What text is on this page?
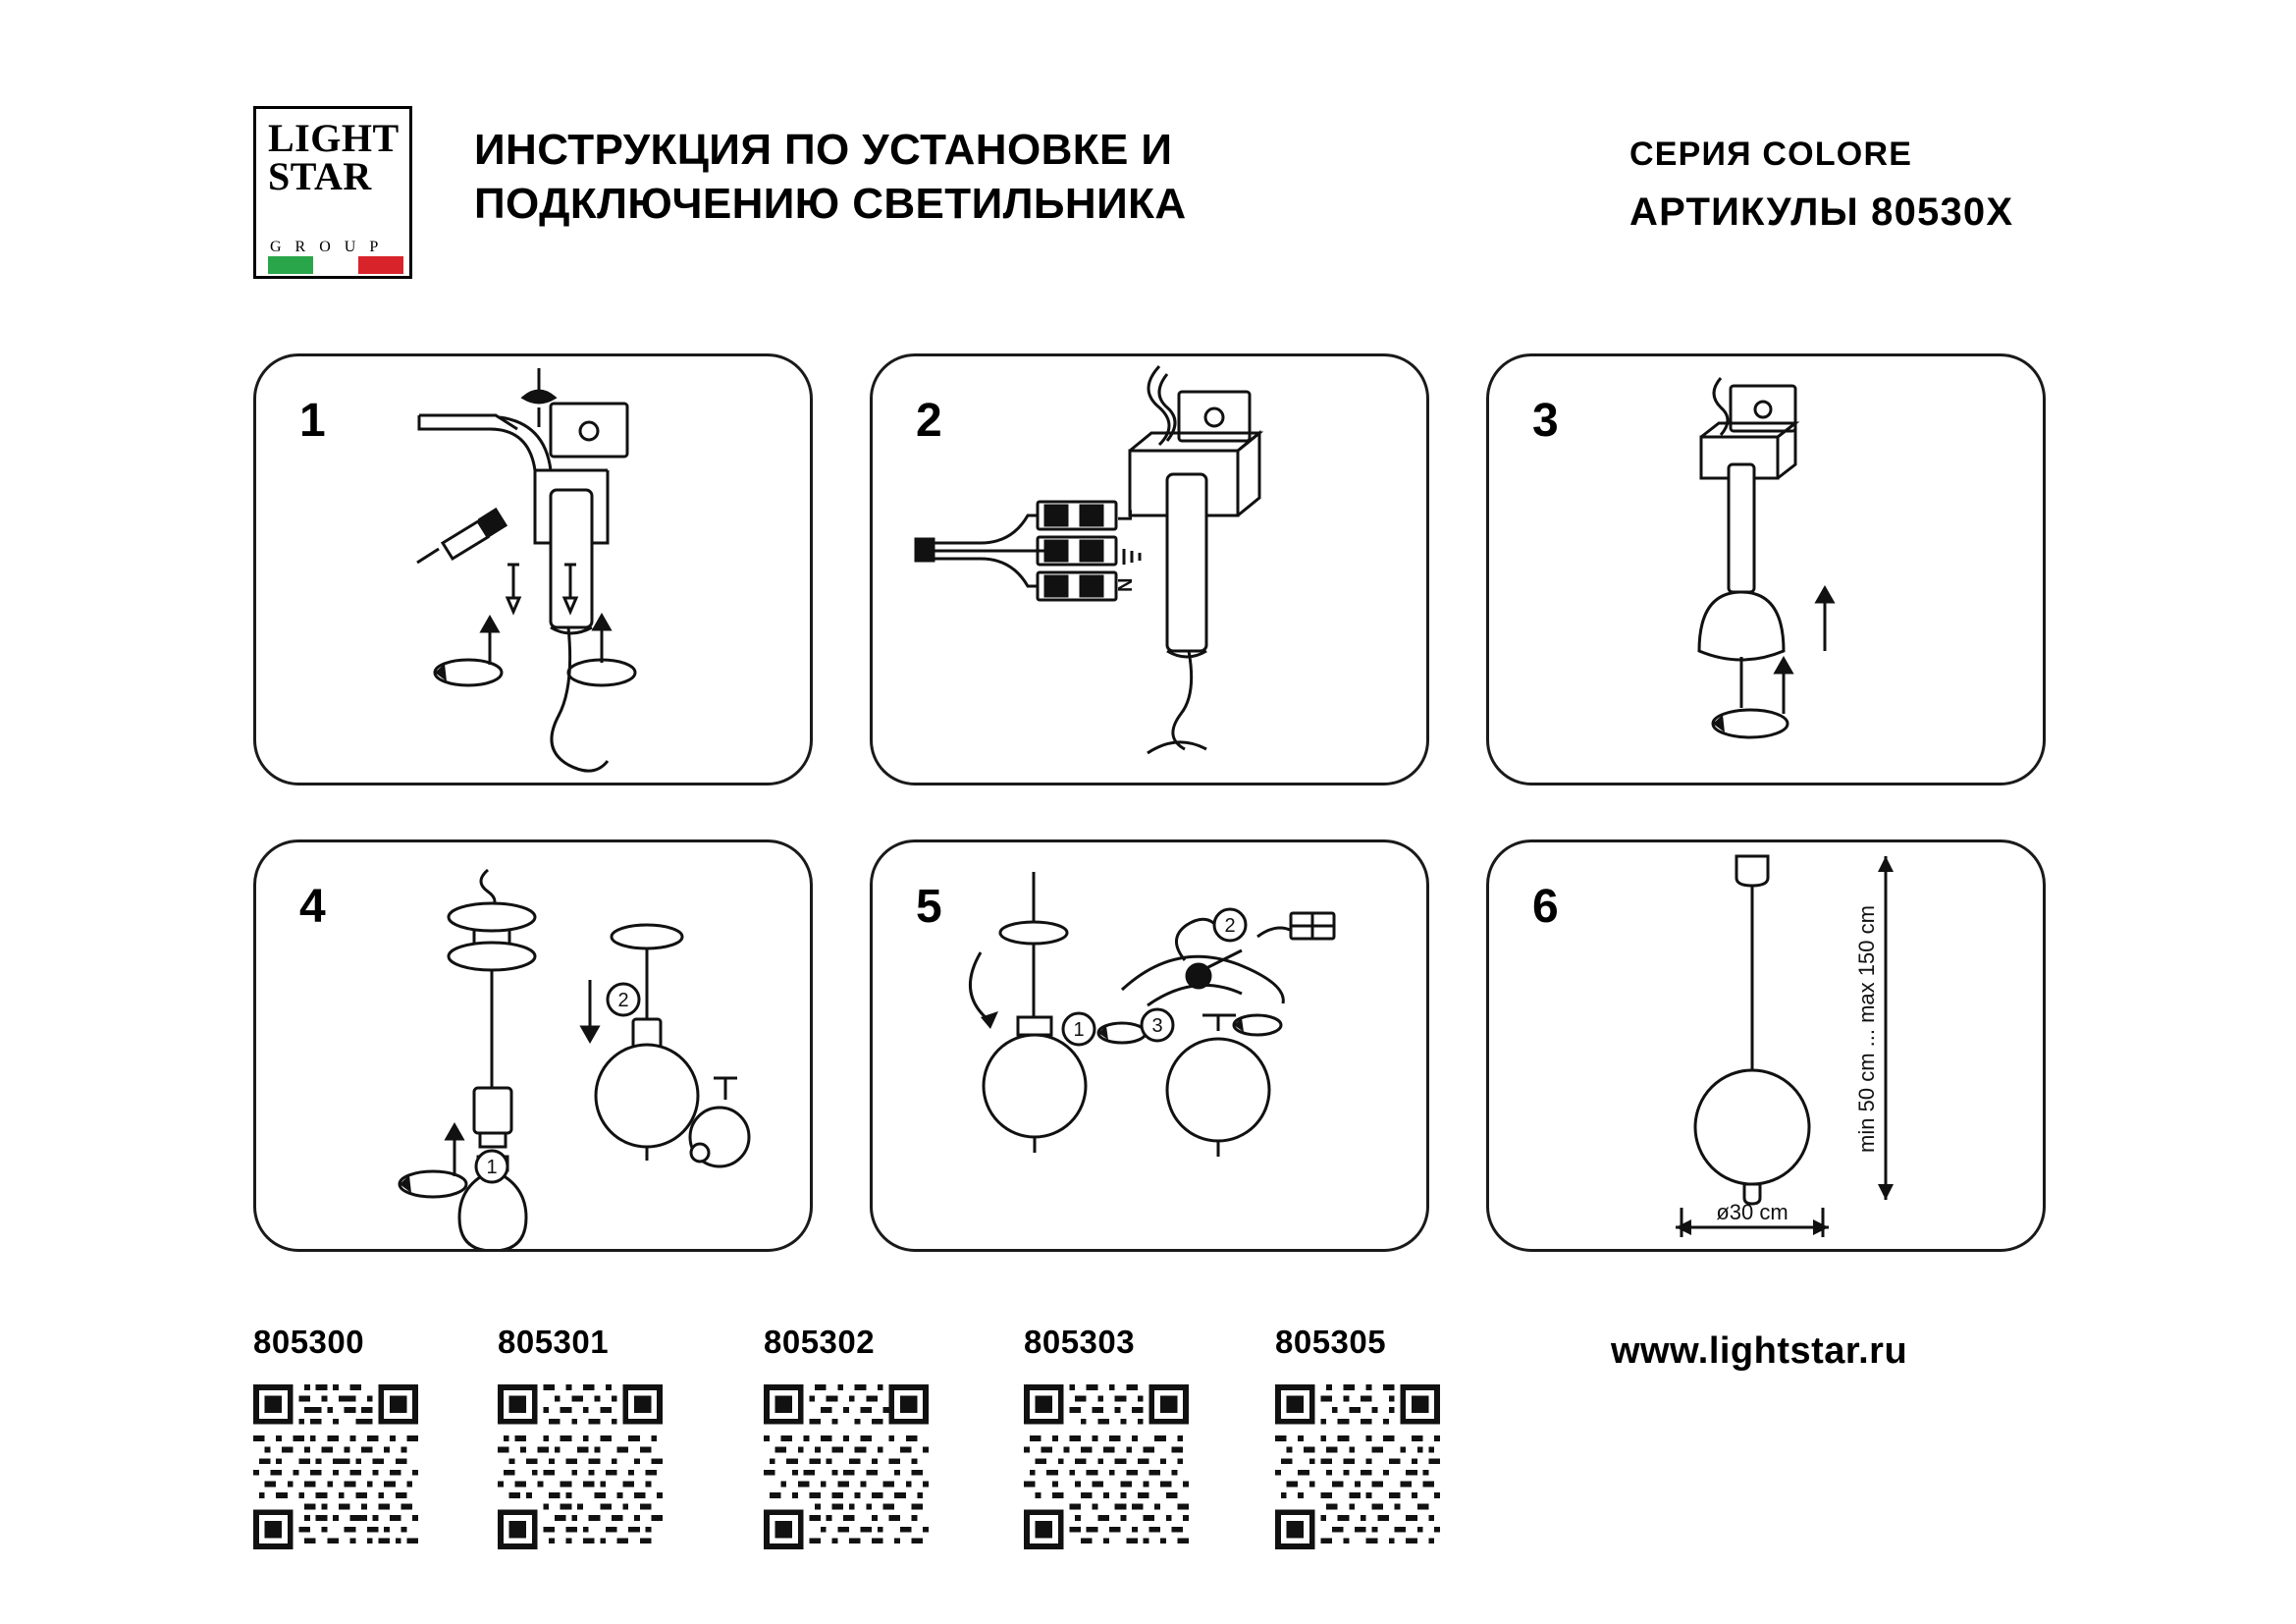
LIGHT
STAR
G R O U P
ИНСТРУКЦИЯ ПО УСТАНОВКЕ И ПОДКЛЮЧЕНИЮ СВЕТИЛЬНИКА
СЕРИЯ COLORE
АРТИКУЛЫ 80530X
1	2
L
N
3
4
1
2
5
1
2
3
6	min 50 cm ... max 150 cm
ø30 cm
805300	805301	805302	805303	805305	www.lightstar.ru
